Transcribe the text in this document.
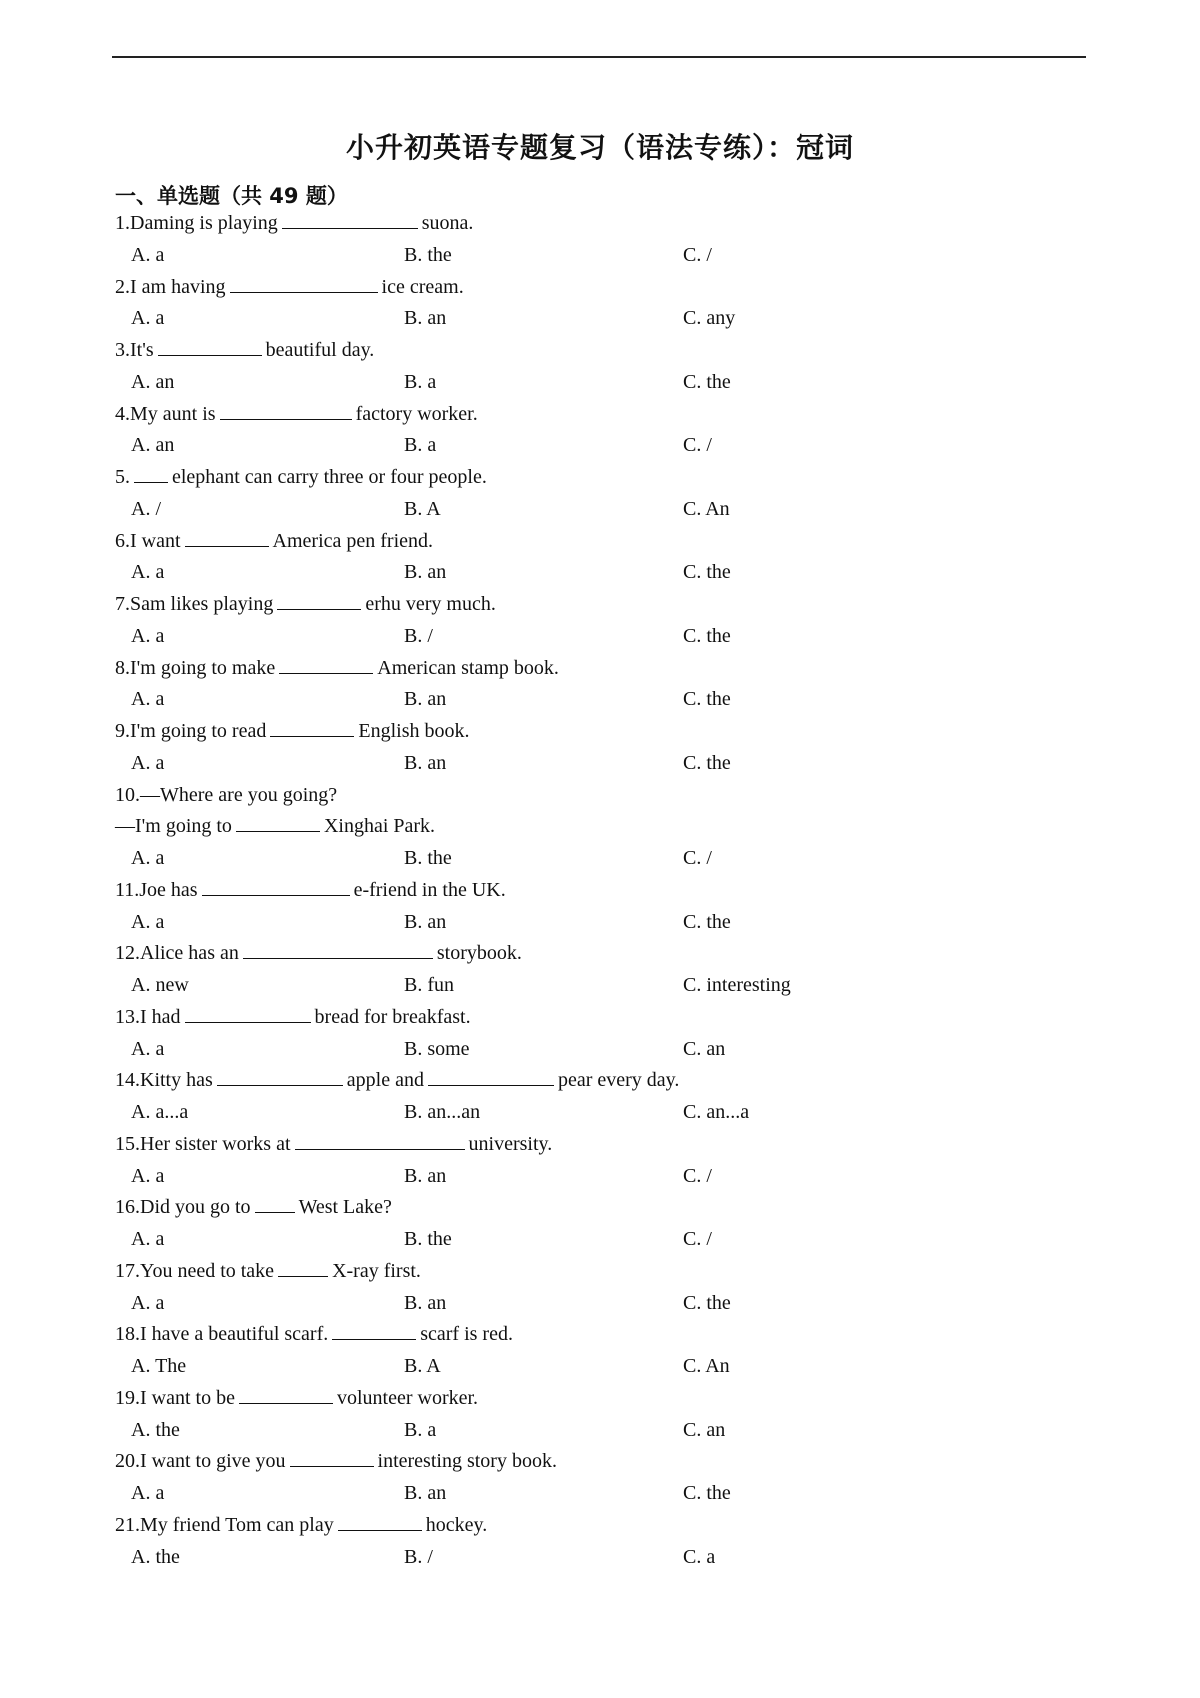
小升初英语专题复习（语法专练）：冠词
一、单选题（共 49 题）
1.Daming is playing	suona.
A. a	B. the	C. /
2.I am having	ice cream.
A. a	B. an	C. any
3.It's	beautiful day.
A. an	B. a	C. the
4.My aunt is	factory worker.
A. an	B. a	C. /
5. elephant can carry three or four people.
A. /	B. A	C. An
6.I want	America pen friend.
A. a	B. an	C. the
7.Sam likes playing	erhu very much.
A. a	B. /	C. the
8.I'm going to make	American stamp book.
A. a	B. an	C. the
9.I'm going to read	English book.
A. a	B. an	C. the
10.—Where are you going?
—I'm going to	Xinghai Park.
A. a	B. the	C. /
11.Joe has	e-friend in the UK.
A. a	B. an	C. the
12.Alice has an	storybook.
A. new	B. fun	C. interesting
13.I had	bread for breakfast.
A. a	B. some	C. an
14.Kitty has	apple and	pear every day.
A. a...a	B. an...an	C. an...a
15.Her sister works at	university.
A. a	B. an	C. /
16.Did you go to West Lake?
A. a	B. the	C. /
17.You need to take	X-ray first.
A. a	B. an	C. the
18.I have a beautiful scarf.	scarf is red.
A. The	B. A	C. An
19.I want to be	volunteer worker.
A. the	B. a	C. an
20.I want to give you	interesting story book.
A. a	B. an	C. the
21.My friend Tom can play	hockey.
A. the	B. /	C. a
